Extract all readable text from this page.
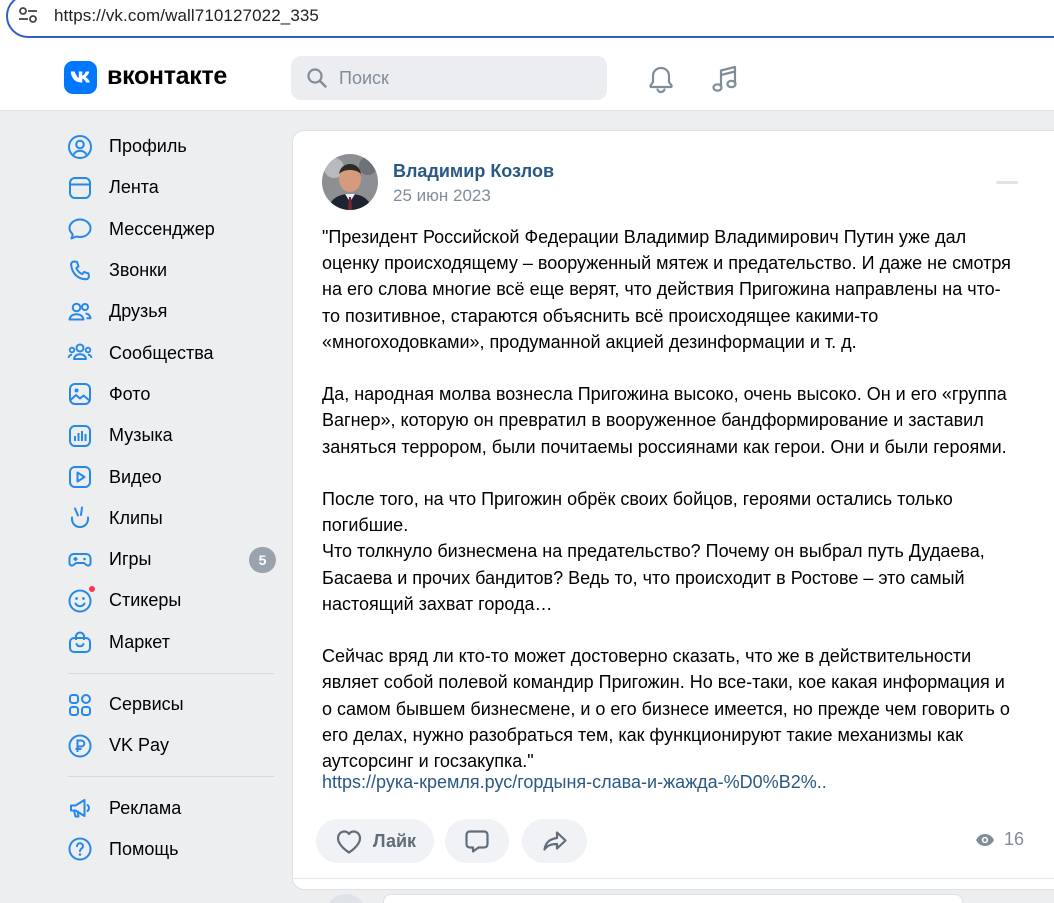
https://vk.com/wall710127022_335
вконтакте
Поиск
Профиль
Лента
Мессенджер
Звонки
Друзья
Сообщества
Фото
Музыка
Видео
Клипы
Игры	5
Стикеры
Маркет
Сервисы
VK Pay
Реклама
Помощь
Владимир Козлов
25 июн 2023
"Президент Российской Федерации Владимир Владимирович Путин уже дал
оценку происходящему – вооруженный мятеж и предательство. И даже не смотря
на его слова многие всё еще верят, что действия Пригожина направлены на что-
то позитивное, стараются объяснить всё происходящее какими-то
«многоходовками», продуманной акцией дезинформации и т. д.

Да, народная молва вознесла Пригожина высоко, очень высоко. Он и его «группа
Вагнер», которую он превратил в вооруженное бандформирование и заставил
заняться террором, были почитаемы россиянами как герои. Они и были героями.

После того, на что Пригожин обрёк своих бойцов, героями остались только
погибшие.
Что толкнуло бизнесмена на предательство? Почему он выбрал путь Дудаева,
Басаева и прочих бандитов? Ведь то, что происходит в Ростове – это самый
настоящий захват города…

Сейчас вряд ли кто-то может достоверно сказать, что же в действительности
являет собой полевой командир Пригожин. Но все-таки, кое какая информация и
о самом бывшем бизнесмене, и о его бизнесе имеется, но прежде чем говорить о
его делах, нужно разобраться тем, как функционируют такие механизмы как
аутсорсинг и госзакупка."
https://рука-кремля.рус/гордыня-слава-и-жажда-%D0%B2%..
Лайк	16
